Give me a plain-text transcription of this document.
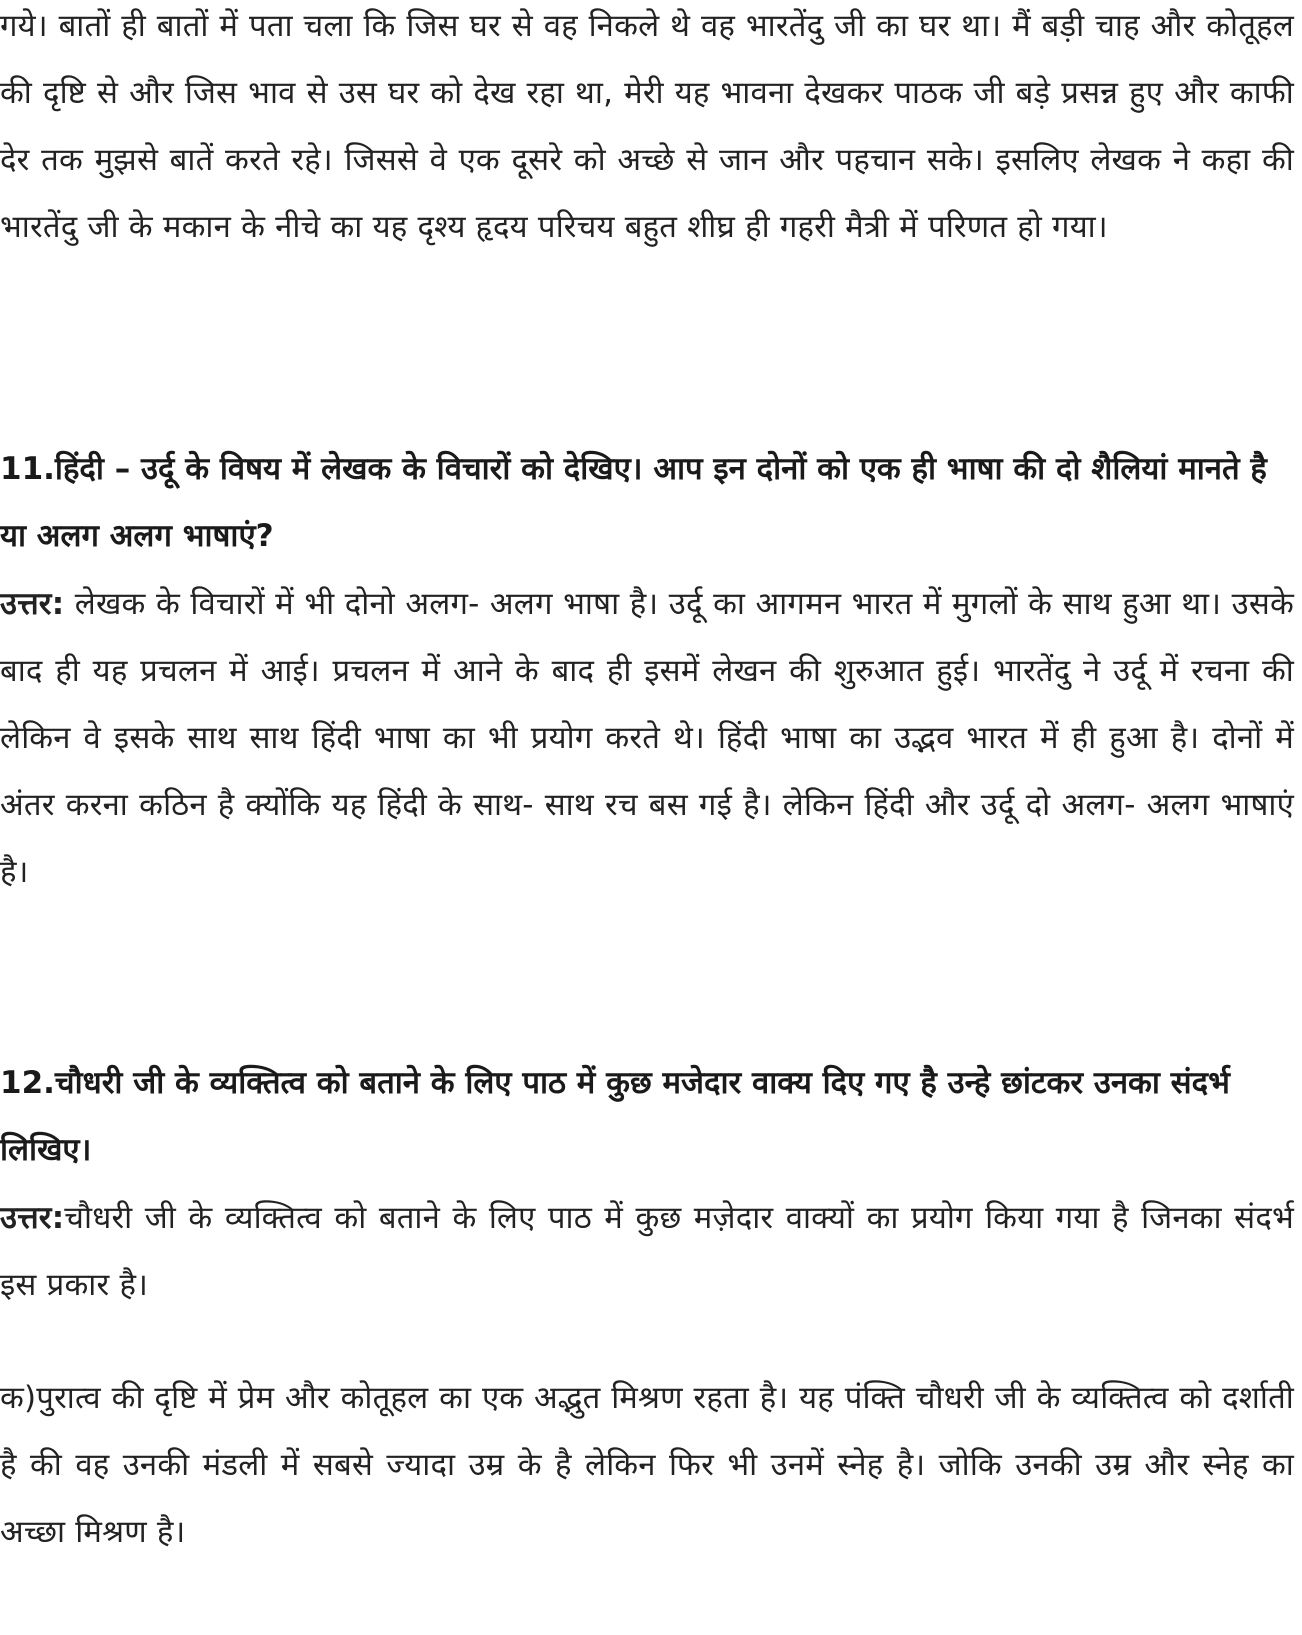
गये। बातों ही बातों में पता चला कि जिस घर से वह निकले थे वह भारतेंदु जी का घर था। मैं बड़ी चाह और कोतूहल की दृष्टि से और जिस भाव से उस घर को देख रहा था, मेरी यह भावना देखकर पाठक जी बड़े प्रसन्न हुए और काफी देर तक मुझसे बातें करते रहे। जिससे वे एक दूसरे को अच्छे से जान और पहचान सके। इसलिए लेखक ने कहा की भारतेंदु जी के मकान के नीचे का यह दृश्य हृदय परिचय बहुत शीघ्र ही गहरी मैत्री में परिणत हो गया।

11.हिंदी – उर्दू के विषय में लेखक के विचारों को देखिए। आप इन दोनों को एक ही भाषा की दो शैलियां मानते है या अलग अलग भाषाएं?

उत्तर: लेखक के विचारों में भी दोनो अलग- अलग भाषा है। उर्दू का आगमन भारत में मुगलों के साथ हुआ था। उसके बाद ही यह प्रचलन में आई। प्रचलन में आने के बाद ही इसमें लेखन की शुरुआत हुई। भारतेंदु ने उर्दू में रचना की लेकिन वे इसके साथ साथ हिंदी भाषा का भी प्रयोग करते थे। हिंदी भाषा का उद्भव भारत में ही हुआ है। दोनों में अंतर करना कठिन है क्योंकि यह हिंदी के साथ- साथ रच बस गई है। लेकिन हिंदी और उर्दू दो अलग- अलग भाषाएं है।

12.चौधरी जी के व्यक्तित्व को बताने के लिए पाठ में कुछ मजेदार वाक्य दिए गए है उन्हे छांटकर उनका संदर्भ लिखिए।

उत्तर:चौधरी जी के व्यक्तित्व को बताने के लिए पाठ में कुछ मज़ेदार वाक्यों का प्रयोग किया गया है जिनका संदर्भ इस प्रकार है।

क)पुरात्व की दृष्टि में प्रेम और कोतूहल का एक अद्भुत मिश्रण रहता है। यह पंक्ति चौधरी जी के व्यक्तित्व को दर्शाती है की वह उनकी मंडली में सबसे ज्यादा उम्र के है लेकिन फिर भी उनमें स्नेह है। जोकि उनकी उम्र और स्नेह का अच्छा मिश्रण है।
